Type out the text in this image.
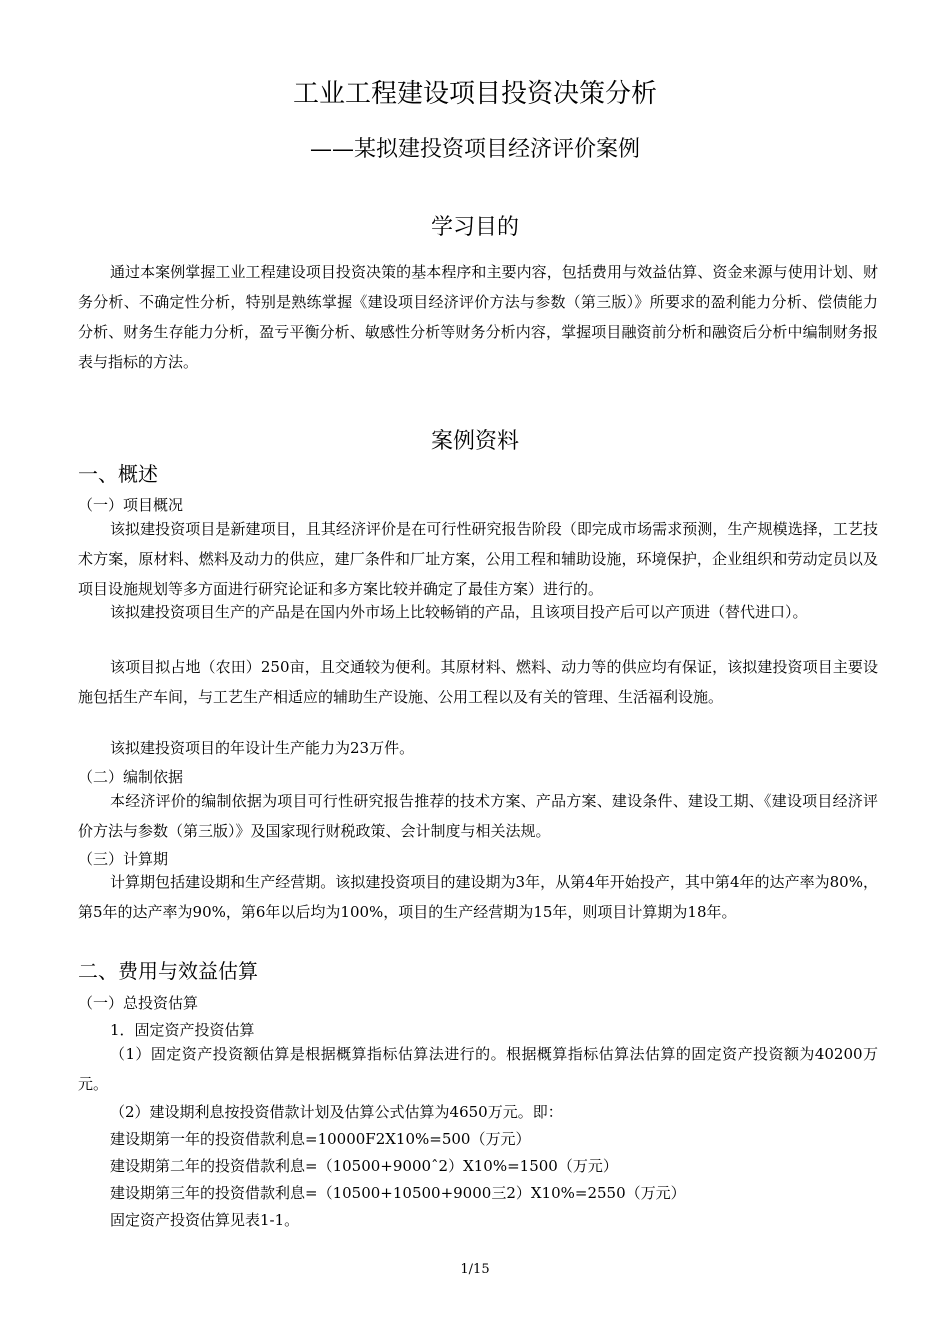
工业工程建设项目投资决策分析
——某拟建投资项目经济评价案例
学习目的

通过本案例掌握工业工程建设项目投资决策的基本程序和主要内容，包括费用与效益估算、资金来源与使用计划、财务分析、不确定性分析，特别是熟练掌握《建设项目经济评价方法与参数（第三版）》所要求的盈利能力分析、偿债能力分析、财务生存能力分析，盈亏平衡分析、敏感性分析等财务分析内容，掌握项目融资前分析和融资后分析中编制财务报表与指标的方法。

案例资料
一、概述
（一）项目概况

该拟建投资项目是新建项目，且其经济评价是在可行性研究报告阶段（即完成市场需求预测，生产规模选择，工艺技术方案，原材料、燃料及动力的供应，建厂条件和厂址方案，公用工程和辅助设施，环境保护，企业组织和劳动定员以及项目设施规划等多方面进行研究论证和多方案比较并确定了最佳方案）进行的。

该拟建投资项目生产的产品是在国内外市场上比较畅销的产品，且该项目投产后可以产顶进（替代进口）。

该项目拟占地（农田）250亩，且交通较为便利。其原材料、燃料、动力等的供应均有保证，该拟建投资项目主要设施包括生产车间，与工艺生产相适应的辅助生产设施、公用工程以及有关的管理、生活福利设施。

该拟建投资项目的年设计生产能力为23万件。

（二）编制依据

本经济评价的编制依据为项目可行性研究报告推荐的技术方案、产品方案、建设条件、建设工期、《建设项目经济评价方法与参数（第三版）》及国家现行财税政策、会计制度与相关法规。

（三）计算期

计算期包括建设期和生产经营期。该拟建投资项目的建设期为3年，从第4年开始投产，其中第4年的达产率为80%，第5年的达产率为90%，第6年以后均为100%，项目的生产经营期为15年，则项目计算期为18年。

二、费用与效益估算
（一）总投资估算
1．固定资产投资估算

（1）固定资产投资额估算是根据概算指标估算法进行的。根据概算指标估算法估算的固定资产投资额为40200万元。

（2）建设期利息按投资借款计划及估算公式估算为4650万元。即：
建设期第一年的投资借款利息=10000F2X10%=500（万元）
建设期第二年的投资借款利息=（10500+9000ˆ2）X10%=1500（万元）
建设期第三年的投资借款利息=（10500+10500+9000三2）X10%=2550（万元）
固定资产投资估算见表1-1。
1/15
